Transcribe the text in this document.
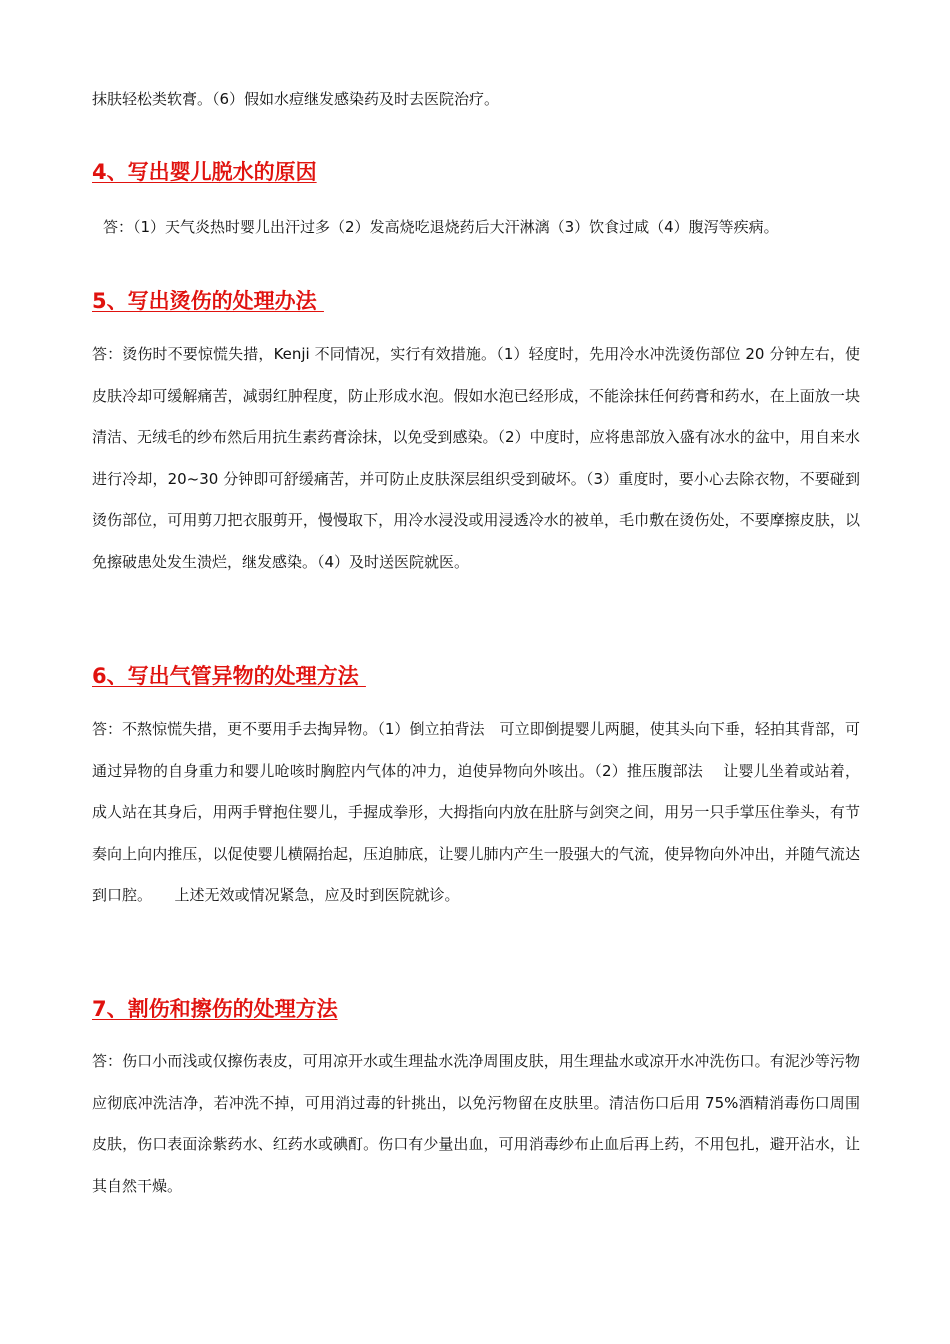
抹肤轻松类软膏。（6）假如水痘继发感染药及时去医院治疗。

4、写出婴儿脱水的原因

答：（1）天气炎热时婴儿出汗过多（2）发高烧吃退烧药后大汗淋漓（3）饮食过咸（4）腹泻等疾病。

5、写出烫伤的处理办法

答：烫伤时不要惊慌失措，Kenji 不同情况，实行有效措施。（1）轻度时，先用冷水冲洗烫伤部位 20 分钟左右，使皮肤冷却可缓解痛苦，减弱红肿程度，防止形成水泡。假如水泡已经形成，不能涂抹任何药膏和药水，在上面放一块清洁、无绒毛的纱布然后用抗生素药膏涂抹，以免受到感染。（2）中度时，应将患部放入盛有冰水的盆中，用自来水进行冷却，20~30 分钟即可舒缓痛苦，并可防止皮肤深层组织受到破坏。（3）重度时，要小心去除衣物，不要碰到烫伤部位，可用剪刀把衣服剪开，慢慢取下，用冷水浸没或用浸透冷水的被单，毛巾敷在烫伤处，不要摩擦皮肤，以免擦破患处发生溃烂，继发感染。（4）及时送医院就医。

6、写出气管异物的处理方法

答：不熬惊慌失措，更不要用手去掏异物。（1）倒立拍背法　可立即倒提婴儿两腿，使其头向下垂，轻拍其背部，可通过异物的自身重力和婴儿呛咳时胸腔内气体的冲力，迫使异物向外咳出。（2）推压腹部法　 让婴儿坐着或站着，成人站在其身后，用两手臂抱住婴儿，手握成拳形，大拇指向内放在肚脐与剑突之间，用另一只手掌压住拳头，有节奏向上向内推压，以促使婴儿横隔抬起，压迫肺底，让婴儿肺内产生一股强大的气流，使异物向外冲出，并随气流达到口腔。　　上述无效或情况紧急，应及时到医院就诊。

7、割伤和擦伤的处理方法

答：伤口小而浅或仅擦伤表皮，可用凉开水或生理盐水洗净周围皮肤，用生理盐水或凉开水冲洗伤口。有泥沙等污物应彻底冲洗洁净，若冲洗不掉，可用消过毒的针挑出，以免污物留在皮肤里。清洁伤口后用 75%酒精消毒伤口周围皮肤，伤口表面涂紫药水、红药水或碘酊。伤口有少量出血，可用消毒纱布止血后再上药，不用包扎，避开沾水，让其自然干燥。
